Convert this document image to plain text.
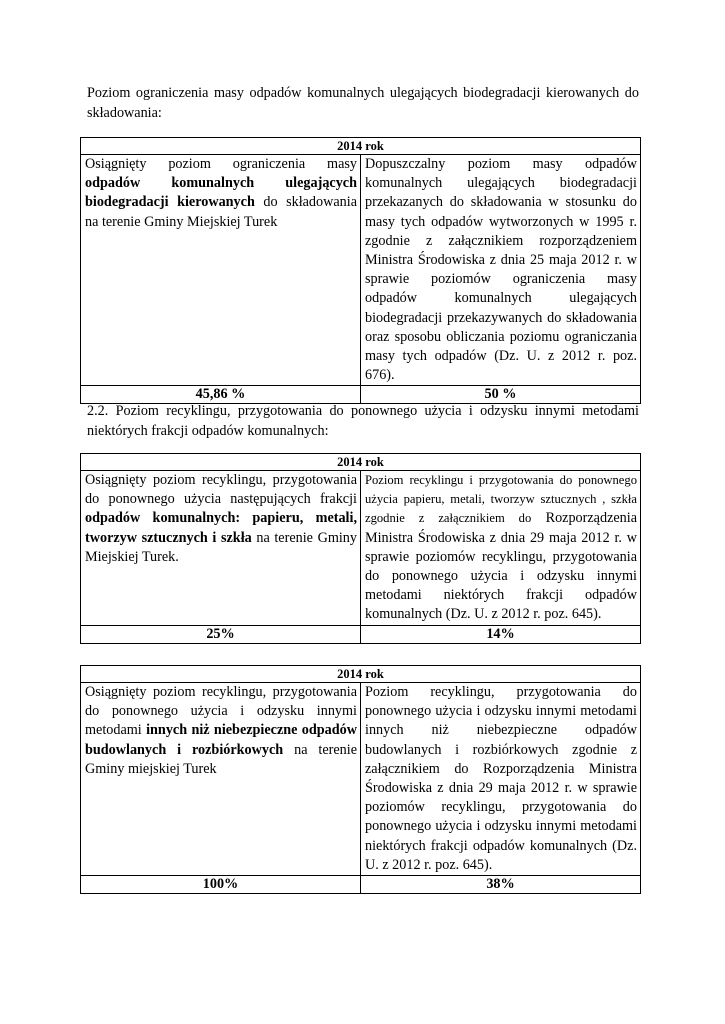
Poziom ograniczenia masy odpadów komunalnych ulegających biodegradacji kierowanych do składowania:

2014 rok	
Osiągnięty poziom ograniczenia masy odpadów komunalnych ulegających biodegradacji kierowanych do składowania na terenie Gminy Miejskiej Turek	Dopuszczalny poziom masy odpadów komunalnych ulegających biodegradacji przekazanych do składowania w stosunku do masy tych odpadów wytworzonych w 1995 r. zgodnie z załącznikiem rozporządzeniem Ministra Środowiska z dnia 25 maja 2012 r. w sprawie poziomów ograniczenia masy odpadów komunalnych ulegających biodegradacji przekazywanych do składowania oraz sposobu obliczania poziomu ograniczania masy tych odpadów (Dz. U. z 2012 r. poz. 676).
45,86 %	50 %

2.2. Poziom recyklingu, przygotowania do ponownego użycia i odzysku innymi metodami niektórych frakcji odpadów komunalnych:

2014 rok	
Osiągnięty poziom recyklingu, przygotowania do ponownego użycia następujących frakcji odpadów komunalnych: papieru, metali, tworzyw sztucznych i szkła na terenie Gminy Miejskiej Turek.	Poziom recyklingu i przygotowania do ponownego użycia papieru, metali, tworzyw sztucznych , szkła zgodnie z załącznikiem do Rozporządzenia Ministra Środowiska z dnia 29 maja 2012 r. w sprawie poziomów recyklingu, przygotowania do ponownego użycia i odzysku innymi metodami niektórych frakcji odpadów komunalnych (Dz. U. z 2012 r. poz. 645).
25%	14%
2014 rok	
Osiągnięty poziom recyklingu, przygotowania do ponownego użycia i odzysku innymi metodami innych niż niebezpieczne odpadów budowlanych i rozbiórkowych na terenie Gminy miejskiej Turek	Poziom recyklingu, przygotowania do ponownego użycia i odzysku innymi metodami innych niż niebezpieczne odpadów budowlanych i rozbiórkowych zgodnie z załącznikiem do Rozporządzenia Ministra Środowiska z dnia 29 maja 2012 r. w sprawie poziomów recyklingu, przygotowania do ponownego użycia i odzysku innymi metodami niektórych frakcji odpadów komunalnych (Dz. U. z 2012 r. poz. 645).
100%	38%
